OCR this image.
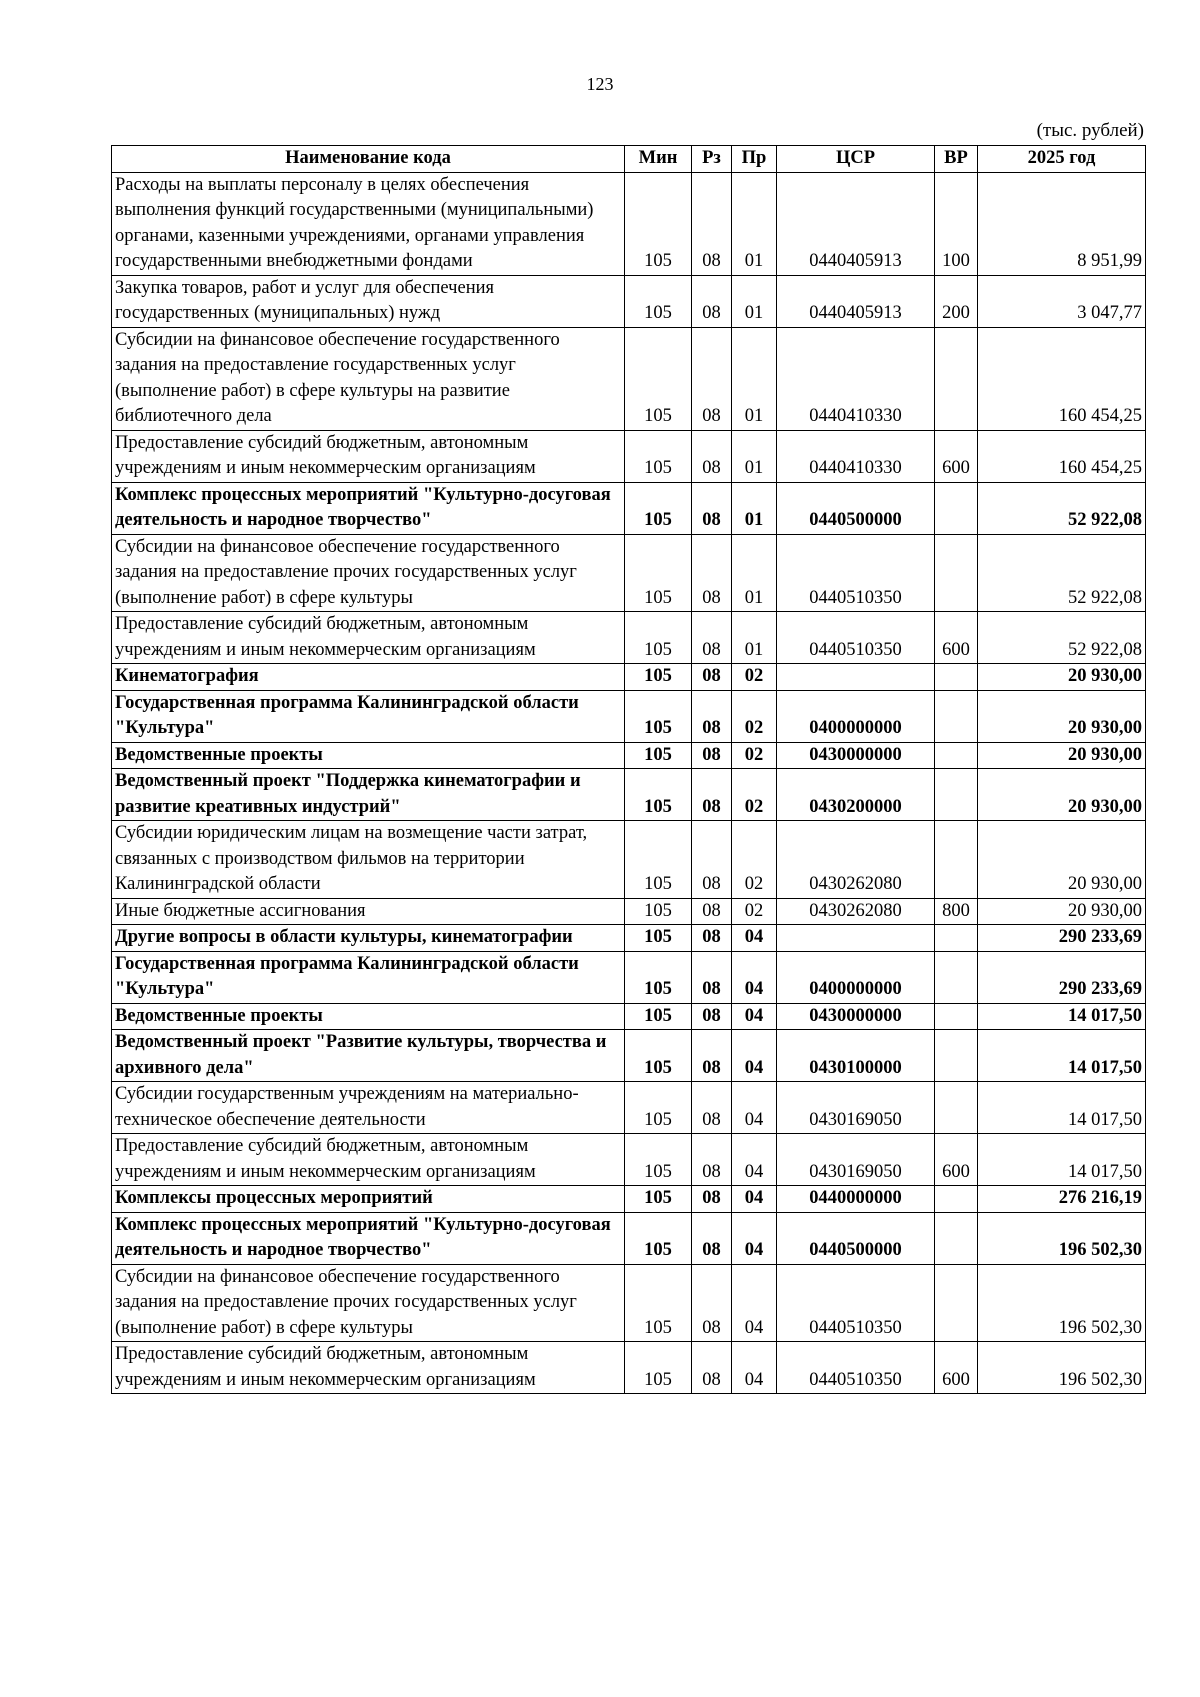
123
(тыс. рублей)
Наименование кода	Мин	Рз	Пр	ЦСР	ВР	2025 год
Расходы на выплаты персоналу в целях обеспечения выполнения функций государственными (муниципальными) органами, казенными учреждениями, органами управления государственными внебюджетными фондами	105	08	01	0440405913	100	8 951,99
Закупка товаров, работ и услуг для обеспечения государственных (муниципальных) нужд	105	08	01	0440405913	200	3 047,77
Субсидии на финансовое обеспечение государственного задания на предоставление государственных услуг (выполнение работ) в сфере культуры на развитие библиотечного дела	105	08	01	0440410330		160 454,25
Предоставление субсидий бюджетным, автономным учреждениям и иным некоммерческим организациям	105	08	01	0440410330	600	160 454,25
Комплекс процессных мероприятий "Культурно-досуговая деятельность и народное творчество"	105	08	01	0440500000		52 922,08
Субсидии на финансовое обеспечение государственного задания на предоставление прочих государственных услуг (выполнение работ) в сфере культуры	105	08	01	0440510350		52 922,08
Предоставление субсидий бюджетным, автономным учреждениям и иным некоммерческим организациям	105	08	01	0440510350	600	52 922,08
Кинематография	105	08	02			20 930,00
Государственная программа Калининградской области "Культура"	105	08	02	0400000000		20 930,00
Ведомственные проекты	105	08	02	0430000000		20 930,00
Ведомственный проект "Поддержка кинематографии и развитие креативных индустрий"	105	08	02	0430200000		20 930,00
Субсидии юридическим лицам на возмещение части затрат, связанных с производством фильмов на территории Калининградской области	105	08	02	0430262080		20 930,00
Иные бюджетные ассигнования	105	08	02	0430262080	800	20 930,00
Другие вопросы в области культуры, кинематографии	105	08	04			290 233,69
Государственная программа Калининградской области "Культура"	105	08	04	0400000000		290 233,69
Ведомственные проекты	105	08	04	0430000000		14 017,50
Ведомственный проект "Развитие культуры, творчества и архивного дела"	105	08	04	0430100000		14 017,50
Субсидии государственным учреждениям на материально-техническое обеспечение деятельности	105	08	04	0430169050		14 017,50
Предоставление субсидий бюджетным, автономным учреждениям и иным некоммерческим организациям	105	08	04	0430169050	600	14 017,50
Комплексы процессных мероприятий	105	08	04	0440000000		276 216,19
Комплекс процессных мероприятий "Культурно-досуговая деятельность и народное творчество"	105	08	04	0440500000		196 502,30
Субсидии на финансовое обеспечение государственного задания на предоставление прочих государственных услуг (выполнение работ) в сфере культуры	105	08	04	0440510350		196 502,30
Предоставление субсидий бюджетным, автономным учреждениям и иным некоммерческим организациям	105	08	04	0440510350	600	196 502,30
